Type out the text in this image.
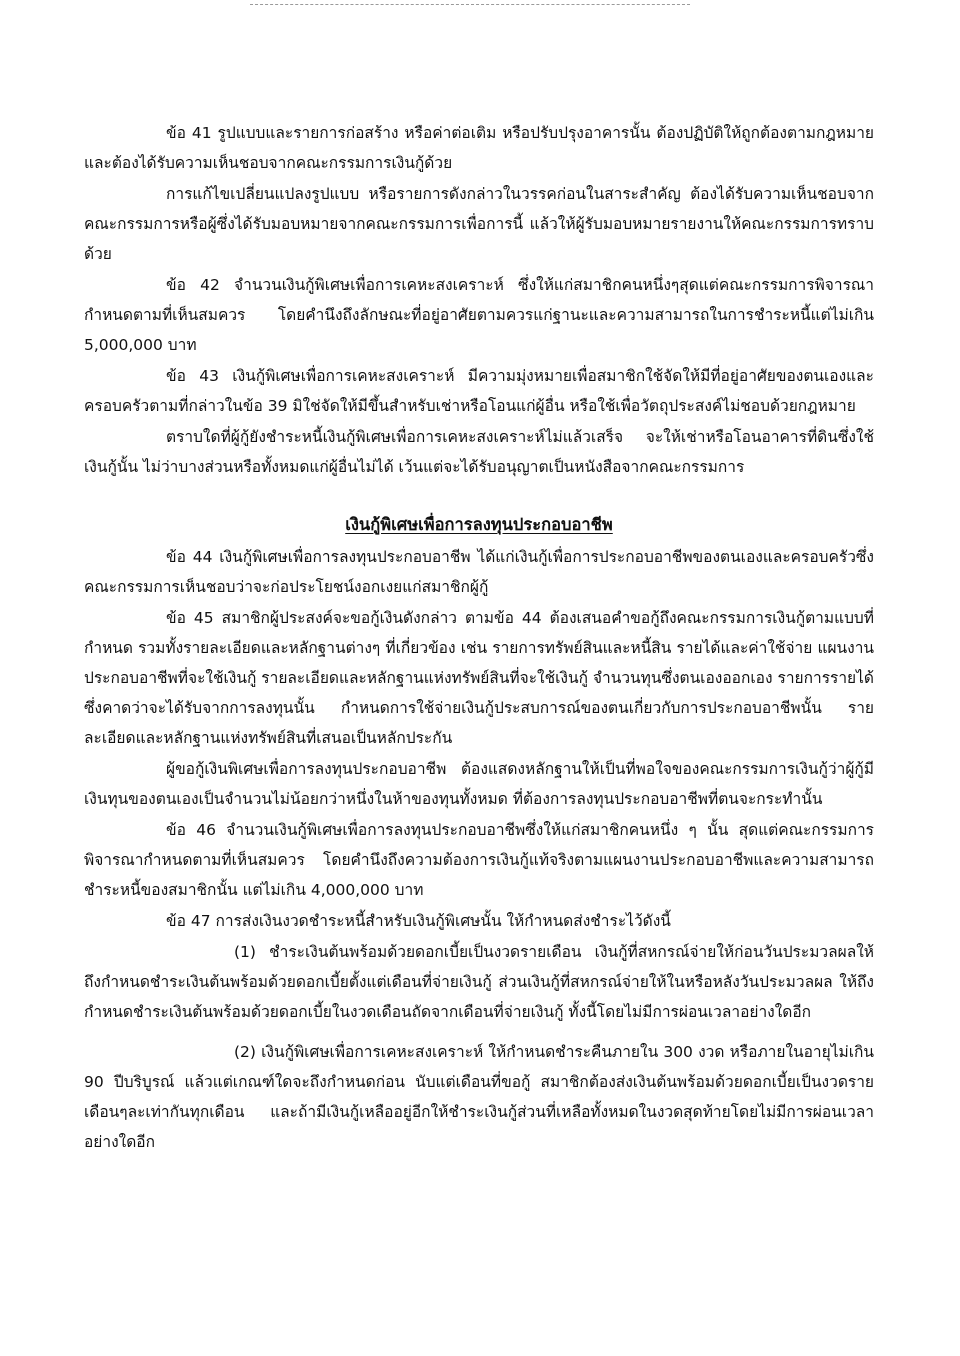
ข้อ 41 รูปแบบและรายการก่อสร้าง หรือค่าต่อเติม หรือปรับปรุงอาคารนั้น ต้องปฏิบัติให้ถูกต้องตามกฎหมาย และต้องได้รับความเห็นชอบจากคณะกรรมการเงินกู้ด้วย

การแก้ไขเปลี่ยนแปลงรูปแบบ หรือรายการดังกล่าวในวรรคก่อนในสาระสำคัญ ต้องได้รับความเห็นชอบจากคณะกรรมการหรือผู้ซึ่งได้รับมอบหมายจากคณะกรรมการเพื่อการนี้ แล้วให้ผู้รับมอบหมายรายงานให้คณะกรรมการทราบด้วย

ข้อ 42 จำนวนเงินกู้พิเศษเพื่อการเคหะสงเคราะห์ ซึ่งให้แก่สมาชิกคนหนึ่งๆสุดแต่คณะกรรมการพิจารณากำหนดตามที่เห็นสมควร โดยคำนึงถึงลักษณะที่อยู่อาศัยตามควรแก่ฐานะและความสามารถในการชำระหนี้แต่ไม่เกิน 5,000,000 บาท

ข้อ 43 เงินกู้พิเศษเพื่อการเคหะสงเคราะห์ มีความมุ่งหมายเพื่อสมาชิกใช้จัดให้มีที่อยู่อาศัยของตนเองและครอบครัวตามที่กล่าวในข้อ 39 มิใช่จัดให้มีขึ้นสำหรับเช่าหรือโอนแก่ผู้อื่น หรือใช้เพื่อวัตถุประสงค์ไม่ชอบด้วยกฎหมาย

ตราบใดที่ผู้กู้ยังชำระหนี้เงินกู้พิเศษเพื่อการเคหะสงเคราะห์ไม่แล้วเสร็จ จะให้เช่าหรือโอนอาคารที่ดินซึ่งใช้เงินกู้นั้น ไม่ว่าบางส่วนหรือทั้งหมดแก่ผู้อื่นไม่ได้ เว้นแต่จะได้รับอนุญาตเป็นหนังสือจากคณะกรรมการ

เงินกู้พิเศษเพื่อการลงทุนประกอบอาชีพ

ข้อ 44 เงินกู้พิเศษเพื่อการลงทุนประกอบอาชีพ ได้แก่เงินกู้เพื่อการประกอบอาชีพของตนเองและครอบครัวซึ่งคณะกรรมการเห็นชอบว่าจะก่อประโยชน์งอกเงยแก่สมาชิกผู้กู้

ข้อ 45 สมาชิกผู้ประสงค์จะขอกู้เงินดังกล่าว ตามข้อ 44 ต้องเสนอคำขอกู้ถึงคณะกรรมการเงินกู้ตามแบบที่กำหนด รวมทั้งรายละเอียดและหลักฐานต่างๆ ที่เกี่ยวข้อง เช่น รายการทรัพย์สินและหนี้สิน รายได้และค่าใช้จ่าย แผนงานประกอบอาชีพที่จะใช้เงินกู้ รายละเอียดและหลักฐานแห่งทรัพย์สินที่จะใช้เงินกู้ จำนวนทุนซึ่งตนเองออกเอง รายการรายได้ ซึ่งคาดว่าจะได้รับจากการลงทุนนั้น กำหนดการใช้จ่ายเงินกู้ประสบการณ์ของตนเกี่ยวกับการประกอบอาชีพนั้น รายละเอียดและหลักฐานแห่งทรัพย์สินที่เสนอเป็นหลักประกัน

ผู้ขอกู้เงินพิเศษเพื่อการลงทุนประกอบอาชีพ ต้องแสดงหลักฐานให้เป็นที่พอใจของคณะกรรมการเงินกู้ว่าผู้กู้มีเงินทุนของตนเองเป็นจำนวนไม่น้อยกว่าหนึ่งในห้าของทุนทั้งหมด ที่ต้องการลงทุนประกอบอาชีพที่ตนจะกระทำนั้น

ข้อ 46 จำนวนเงินกู้พิเศษเพื่อการลงทุนประกอบอาชีพซึ่งให้แก่สมาชิกคนหนึ่ง ๆ นั้น สุดแต่คณะกรรมการพิจารณากำหนดตามที่เห็นสมควร โดยคำนึงถึงความต้องการเงินกู้แท้จริงตามแผนงานประกอบอาชีพและความสามารถชำระหนี้ของสมาชิกนั้น แต่ไม่เกิน 4,000,000 บาท

ข้อ 47 การส่งเงินงวดชำระหนี้สำหรับเงินกู้พิเศษนั้น ให้กำหนดส่งชำระไว้ดังนี้

(1) ชำระเงินต้นพร้อมด้วยดอกเบี้ยเป็นงวดรายเดือน เงินกู้ที่สหกรณ์จ่ายให้ก่อนวันประมวลผลให้ถึงกำหนดชำระเงินต้นพร้อมด้วยดอกเบี้ยตั้งแต่เดือนที่จ่ายเงินกู้ ส่วนเงินกู้ที่สหกรณ์จ่ายให้ในหรือหลังวันประมวลผล ให้ถึงกำหนดชำระเงินต้นพร้อมด้วยดอกเบี้ยในงวดเดือนถัดจากเดือนที่จ่ายเงินกู้ ทั้งนี้โดยไม่มีการผ่อนเวลาอย่างใดอีก

(2) เงินกู้พิเศษเพื่อการเคหะสงเคราะห์ ให้กำหนดชำระคืนภายใน 300 งวด หรือภายในอายุไม่เกิน 90 ปีบริบูรณ์ แล้วแต่เกณฑ์ใดจะถึงกำหนดก่อน นับแต่เดือนที่ขอกู้ สมาชิกต้องส่งเงินต้นพร้อมด้วยดอกเบี้ยเป็นงวดรายเดือนๆละเท่ากันทุกเดือน และถ้ามีเงินกู้เหลืออยู่อีกให้ชำระเงินกู้ส่วนที่เหลือทั้งหมดในงวดสุดท้ายโดยไม่มีการผ่อนเวลาอย่างใดอีก
